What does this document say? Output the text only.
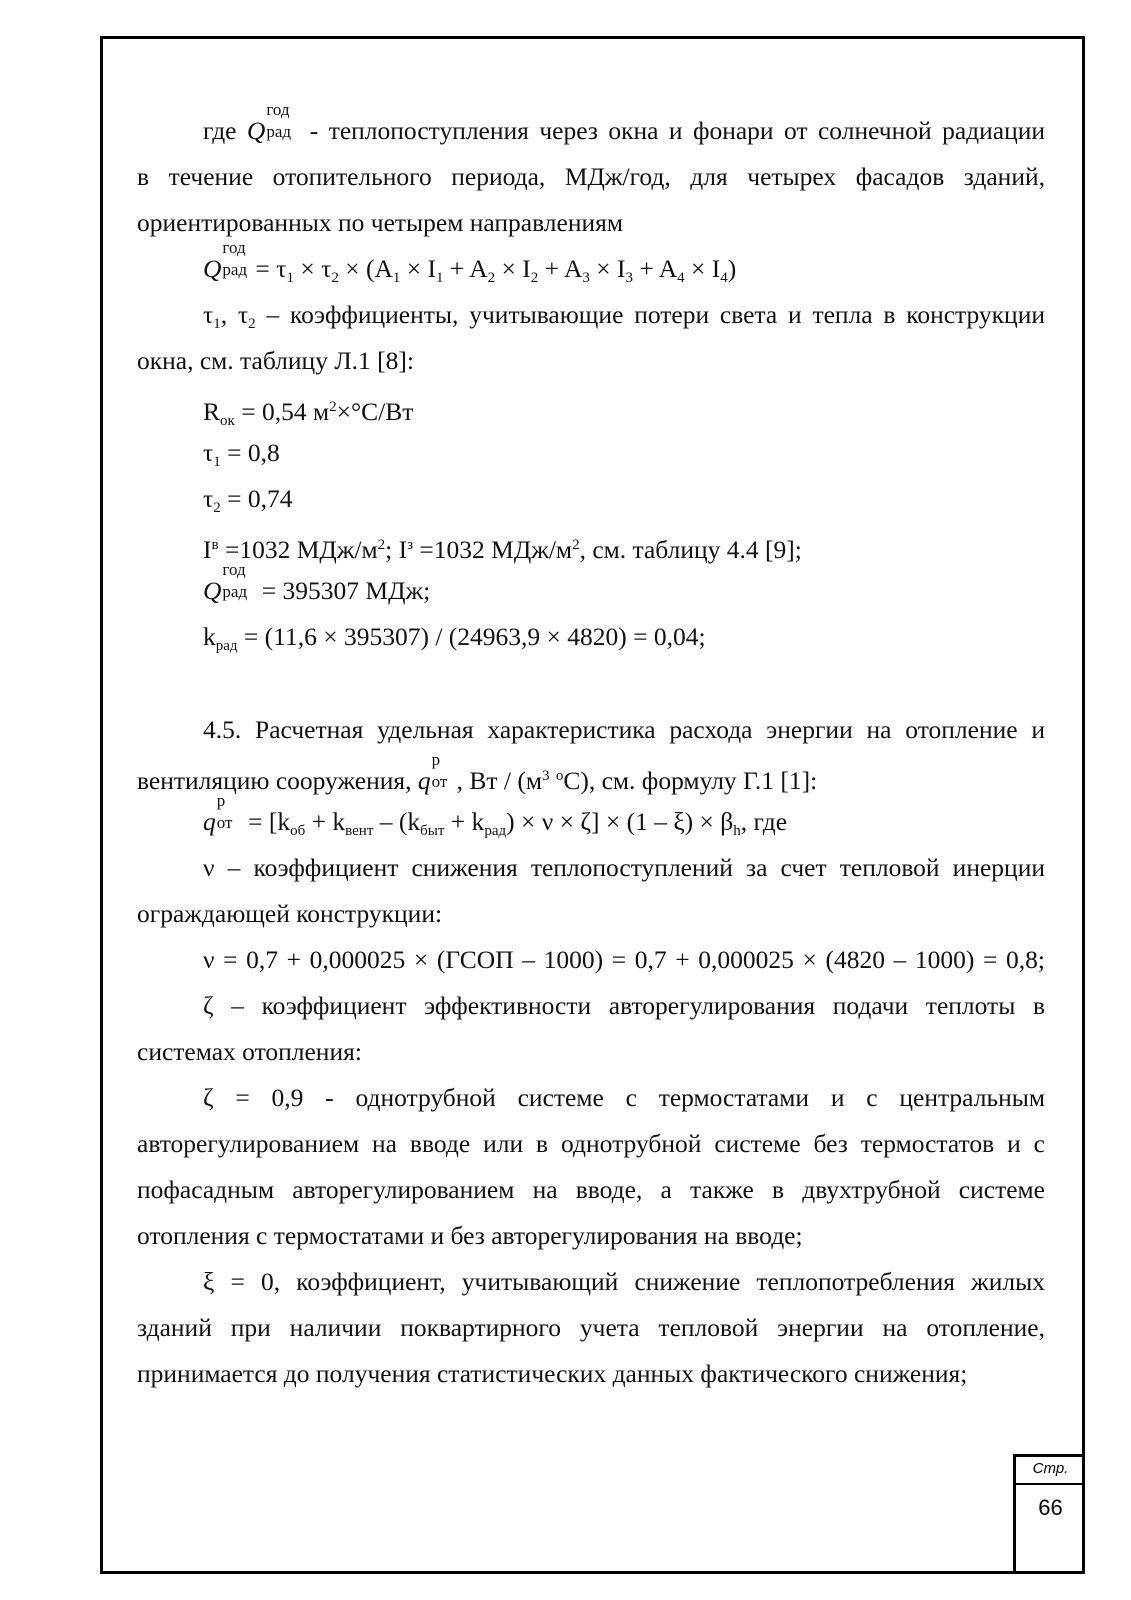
где Q
год
рад - теплопоступления через окна и фонари от солнечной радиации
в течение отопительного периода, МДж/год, для четырех фасадов зданий,
ориентированных по четырем направлениям
Q
год
рад = τ1 × τ2 × (A1 × I1 + A2 × I2 + A3 × I3 + A4 × I4)
τ1, τ2 – коэффициенты, учитывающие потери света и тепла в конструкции
окна, см. таблицу Л.1 [8]:
Rок = 0,54 $м^2\times^\circ С/Вт$
τ1 = 0,8
τ2 = 0,74
$I^в =1032$ МДж/$м^2$; $I^з =1032$ МДж/$м^2$, см. таблицу 4.4 [9];
Q
год
рад = 395307 МДж;
kрад = (11,6 × 395307) / (24963,9 × 4820) = 0,04;
4.5. Расчетная удельная характеристика расхода энергии на отопление и
вентиляцию сооружения, q
р
от , Вт / ($м^3$ $^о$С), см. формулу Г.1 [1]:
q
р
от = [kоб + kвент – (kбыт + kрад) × ν × ζ] × (1 – ξ) × βh, где
ν – коэффициент снижения теплопоступлений за счет тепловой инерции
ограждающей конструкции:
ν = 0,7 + 0,000025 × (ГСОП – 1000) = 0,7 + 0,000025 × (4820 – 1000) = 0,8;
ζ – коэффициент эффективности авторегулирования подачи теплоты в
системах отопления:
ζ = 0,9 - однотрубной системе с термостатами и с центральным
авторегулированием на вводе или в однотрубной системе без термостатов и с
пофасадным авторегулированием на вводе, а также в двухтрубной системе
отопления с термостатами и без авторегулирования на вводе;
ξ = 0, коэффициент, учитывающий снижение теплопотребления жилых
зданий при наличии поквартирного учета тепловой энергии на отопление,
принимается до получения статистических данных фактического снижения;
Стр.
66
